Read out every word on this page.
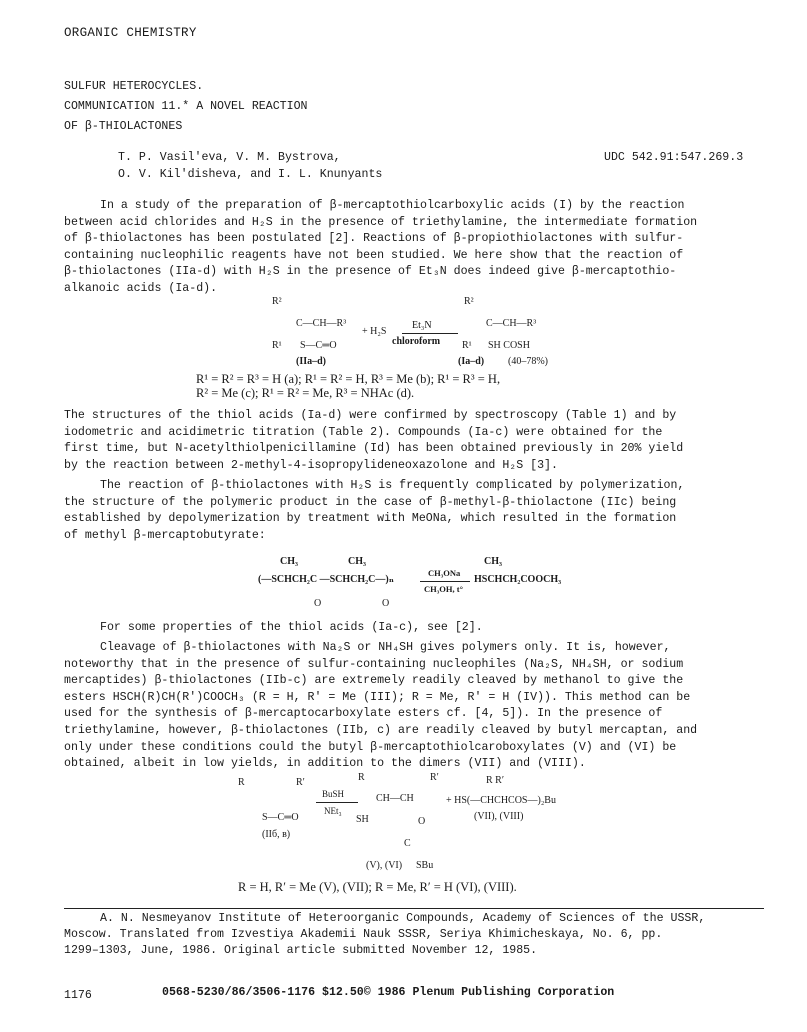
ORGANIC CHEMISTRY
SULFUR HETEROCYCLES.
COMMUNICATION 11.* A NOVEL REACTION
OF β-THIOLACTONES
T. P. Vasil'eva, V. M. Bystrova,
O. V. Kil'disheva, and I. L. Knunyants
UDC 542.91:547.269.3
In a study of the preparation of β-mercaptothiolcarboxylic acids (I) by the reaction
between acid chlorides and H₂S in the presence of triethylamine, the intermediate formation
of β-thiolactones has been postulated [2]. Reactions of β-propiothiolactones with sulfur-
containing nucleophilic reagents have not been studied. We here show that the reaction of
β-thiolactones (IIa-d) with H₂S in the presence of Et₃N does indeed give β-mercaptothio-
alkanoic acids (Ia-d).
R²
C—CH—R³
R¹ S—C═O
(IIa–d)
+ H₂S
Et₃N
chloroform
R²
C—CH—R³
R¹ SH COSH
(Ia–d) (40–78%)
R¹ = R² = R³ = H (a); R¹ = R² = H, R³ = Me (b); R¹ = R³ = H,
R² = Me (c); R¹ = R² = Me, R³ = NHAc (d).
The structures of the thiol acids (Ia-d) were confirmed by spectroscopy (Table 1) and by
iodometric and acidimetric titration (Table 2). Compounds (Ia-c) were obtained for the
first time, but N-acetylthiolpenicillamine (Id) has been obtained previously in 20% yield
by the reaction between 2-methyl-4-isopropylideneoxazolone and H₂S [3].
The reaction of β-thiolactones with H₂S is frequently complicated by polymerization,
the structure of the polymeric product in the case of β-methyl-β-thiolactone (IIc) being
established by depolymerization by treatment with MeONa, which resulted in the formation
of methyl β-mercaptobutyrate:
CH₃	CH₃	CH₃
(—SCHCH₂C —SCHCH₂C—)ₙ
CH₃ONa
CH₃OH, t°
HSCHCH₂COOCH₃
O	O
For some properties of the thiol acids (Ia-c), see [2].
Cleavage of β-thiolactones with Na₂S or NH₄SH gives polymers only. It is, however,
noteworthy that in the presence of sulfur-containing nucleophiles (Na₂S, NH₄SH, or sodium
mercaptides) β-thiolactones (IIb-c) are extremely readily cleaved by methanol to give the
esters HSCH(R)CH(R')COOCH₃ (R = H, R' = Me (III); R = Me, R' = H (IV)). This method can be
used for the synthesis of β-mercaptocarboxylate esters cf. [4, 5]). In the presence of
triethylamine, however, β-thiolactones (IIb, c) are readily cleaved by butyl mercaptan, and
only under these conditions could the butyl β-mercaptothiolcaroboxylates (V) and (VI) be
obtained, albeit in low yields, in addition to the dimers (VII) and (VIII).
R	R′
S—C═O
(IIб, в)
BuSH
NEt₃
R	R′
CH—CH
SH	O
C
SBu
(V), (VI)
R R′
+ HS(—CHCHCOS—)₂Bu
(VII), (VIII)
R = H, R′ = Me (V), (VII); R = Me, R′ = H (VI), (VIII).
A. N. Nesmeyanov Institute of Heteroorganic Compounds, Academy of Sciences of the USSR,
Moscow. Translated from Izvestiya Akademii Nauk SSSR, Seriya Khimicheskaya, No. 6, pp.
1299–1303, June, 1986. Original article submitted November 12, 1985.
1176	0568-5230/86/3506-1176 $12.50© 1986 Plenum Publishing Corporation
